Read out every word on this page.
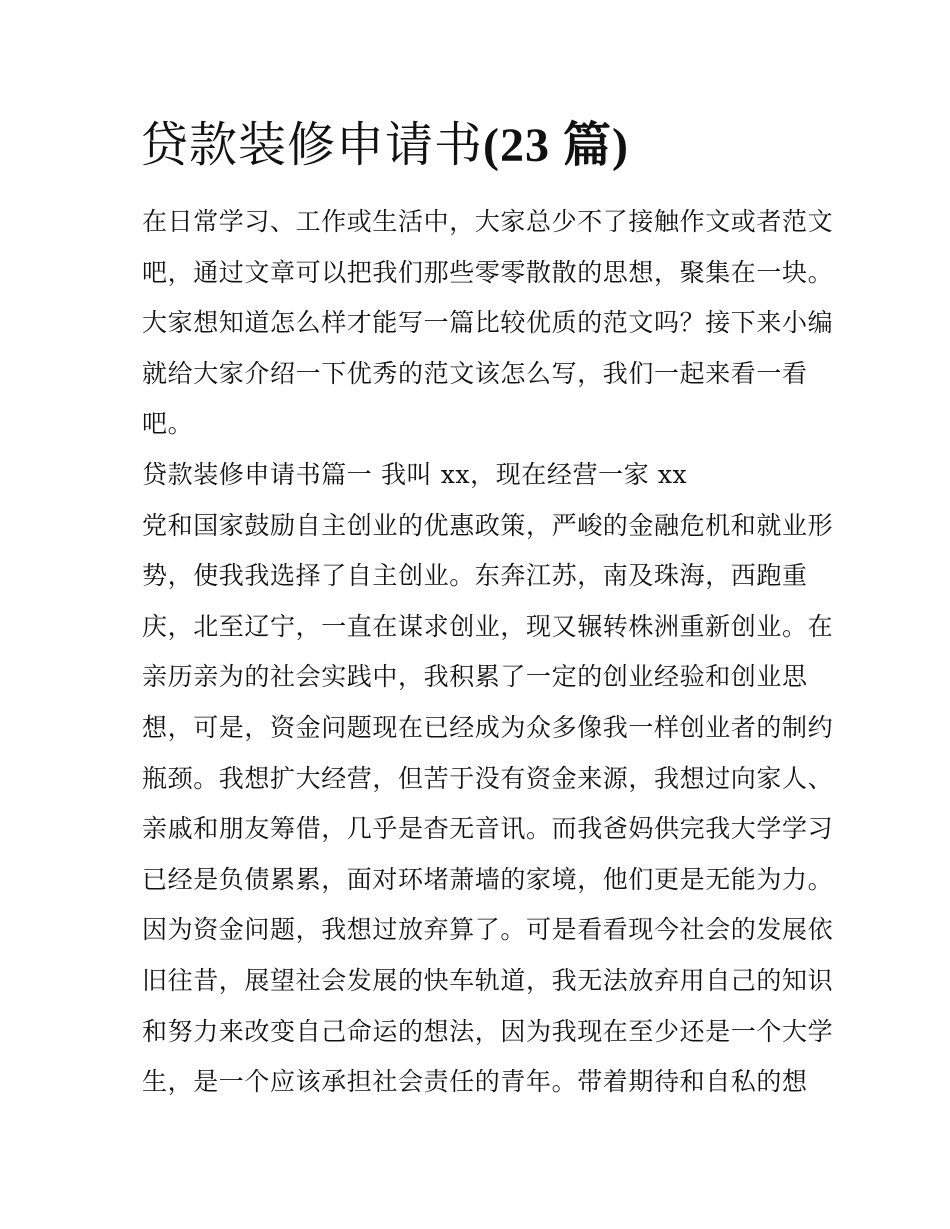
贷款装修申请书(23 篇)
在日常学习、工作或生活中，大家总少不了接触作文或者范文
吧，通过文章可以把我们那些零零散散的思想，聚集在一块。
大家想知道怎么样才能写一篇比较优质的范文吗？接下来小编
就给大家介绍一下优秀的范文该怎么写，我们一起来看一看
吧。
贷款装修申请书篇一 我叫 xx，现在经营一家 xx
党和国家鼓励自主创业的优惠政策，严峻的金融危机和就业形
势，使我我选择了自主创业。东奔江苏，南及珠海，西跑重
庆，北至辽宁，一直在谋求创业，现又辗转株洲重新创业。在
亲历亲为的社会实践中，我积累了一定的创业经验和创业思
想，可是，资金问题现在已经成为众多像我一样创业者的制约
瓶颈。我想扩大经营，但苦于没有资金来源，我想过向家人、
亲戚和朋友筹借，几乎是杳无音讯。而我爸妈供完我大学学习
已经是负债累累，面对环堵萧墙的家境，他们更是无能为力。
因为资金问题，我想过放弃算了。可是看看现今社会的发展依
旧往昔，展望社会发展的快车轨道，我无法放弃用自己的知识
和努力来改变自己命运的想法，因为我现在至少还是一个大学
生，是一个应该承担社会责任的青年。带着期待和自私的想
